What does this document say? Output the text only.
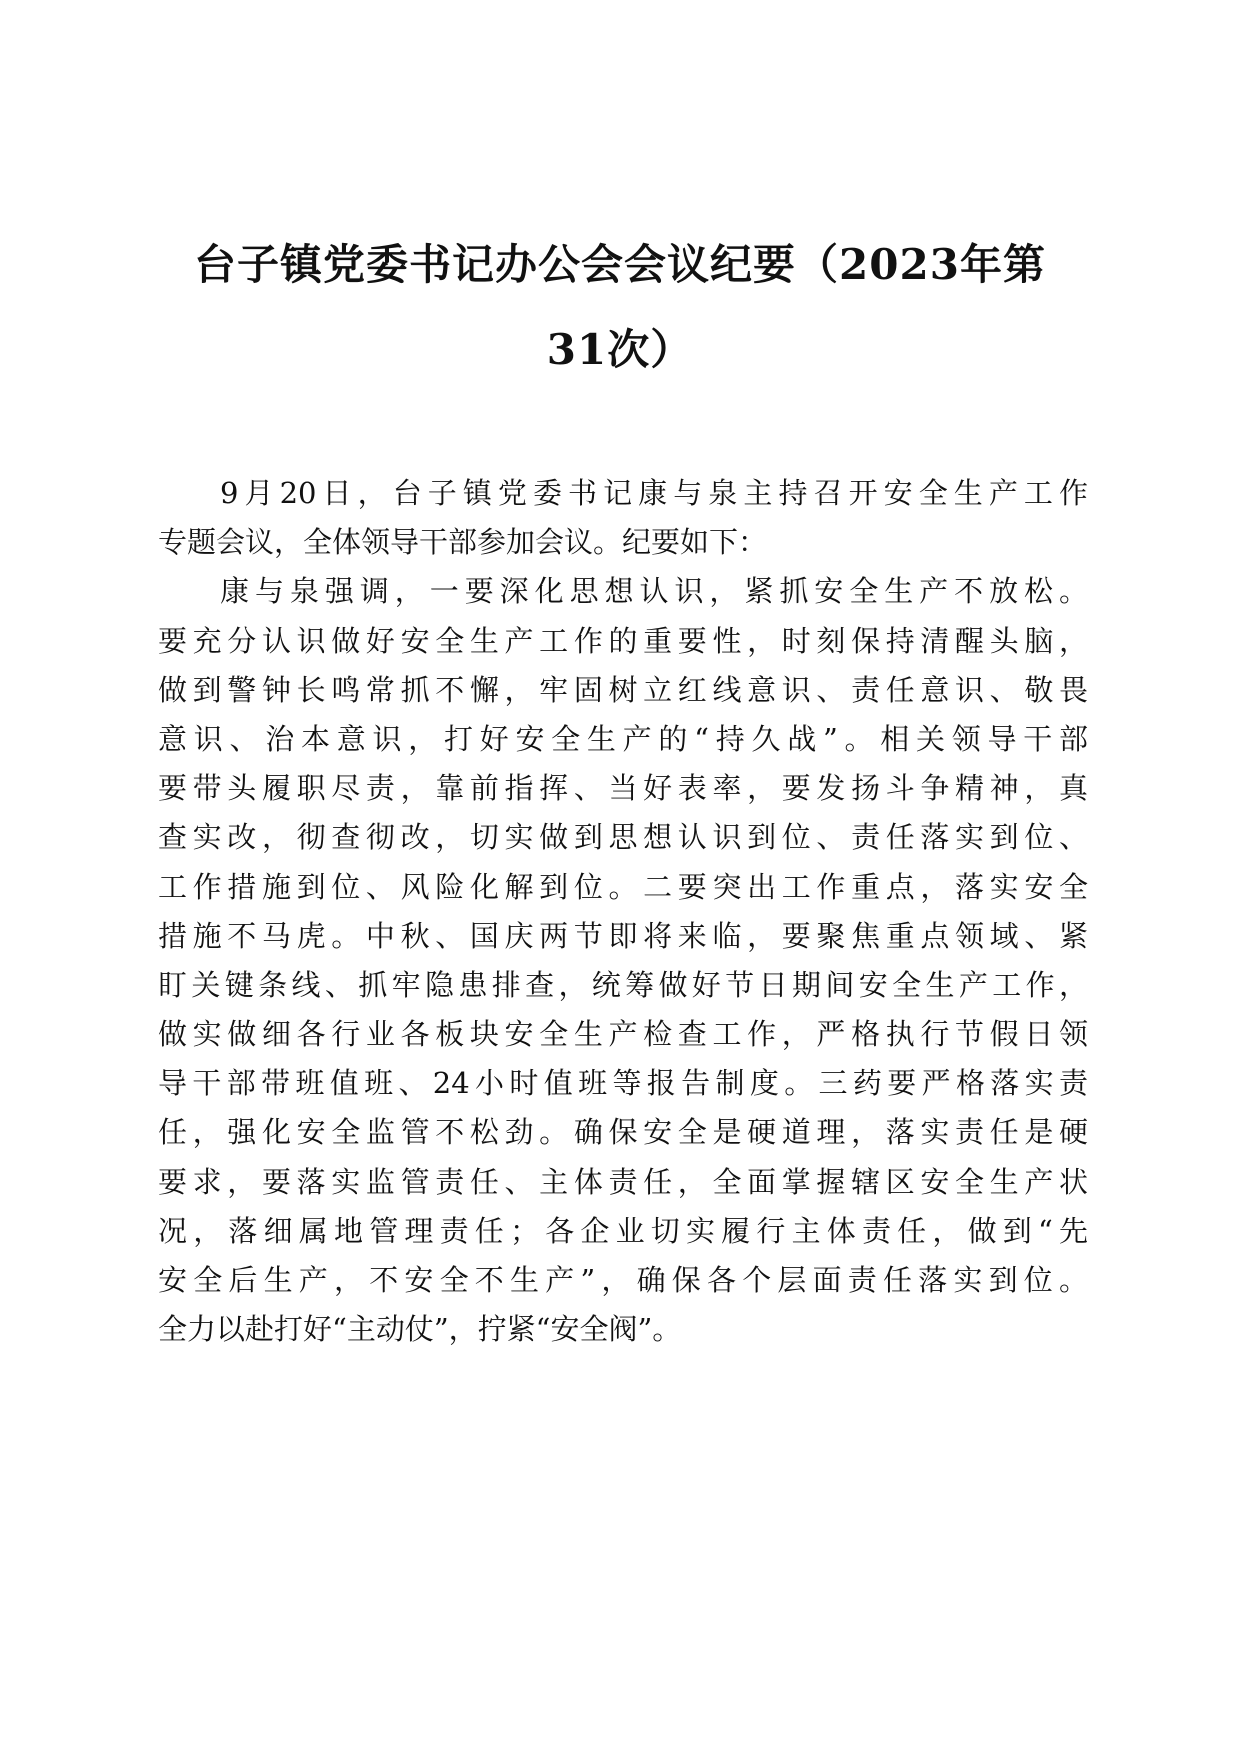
台子镇党委书记办公会会议纪要（2023年第
31次）
9月20日，台子镇党委书记康与泉主持召开安全生产工作
专题会议，全体领导干部参加会议。纪要如下：
康与泉强调，一要深化思想认识，紧抓安全生产不放松。
要充分认识做好安全生产工作的重要性，时刻保持清醒头脑，
做到警钟长鸣常抓不懈，牢固树立红线意识、责任意识、敬畏
意识、治本意识，打好安全生产的“持久战”。相关领导干部
要带头履职尽责，靠前指挥、当好表率，要发扬斗争精神，真
查实改，彻查彻改，切实做到思想认识到位、责任落实到位、
工作措施到位、风险化解到位。二要突出工作重点，落实安全
措施不马虎。中秋、国庆两节即将来临，要聚焦重点领域、紧
盯关键条线、抓牢隐患排查，统筹做好节日期间安全生产工作，
做实做细各行业各板块安全生产检查工作，严格执行节假日领
导干部带班值班、24小时值班等报告制度。三药要严格落实责
任，强化安全监管不松劲。确保安全是硬道理，落实责任是硬
要求，要落实监管责任、主体责任，全面掌握辖区安全生产状
况，落细属地管理责任；各企业切实履行主体责任，做到“先
安全后生产，不安全不生产”，确保各个层面责任落实到位。
全力以赴打好“主动仗”，拧紧“安全阀”。
